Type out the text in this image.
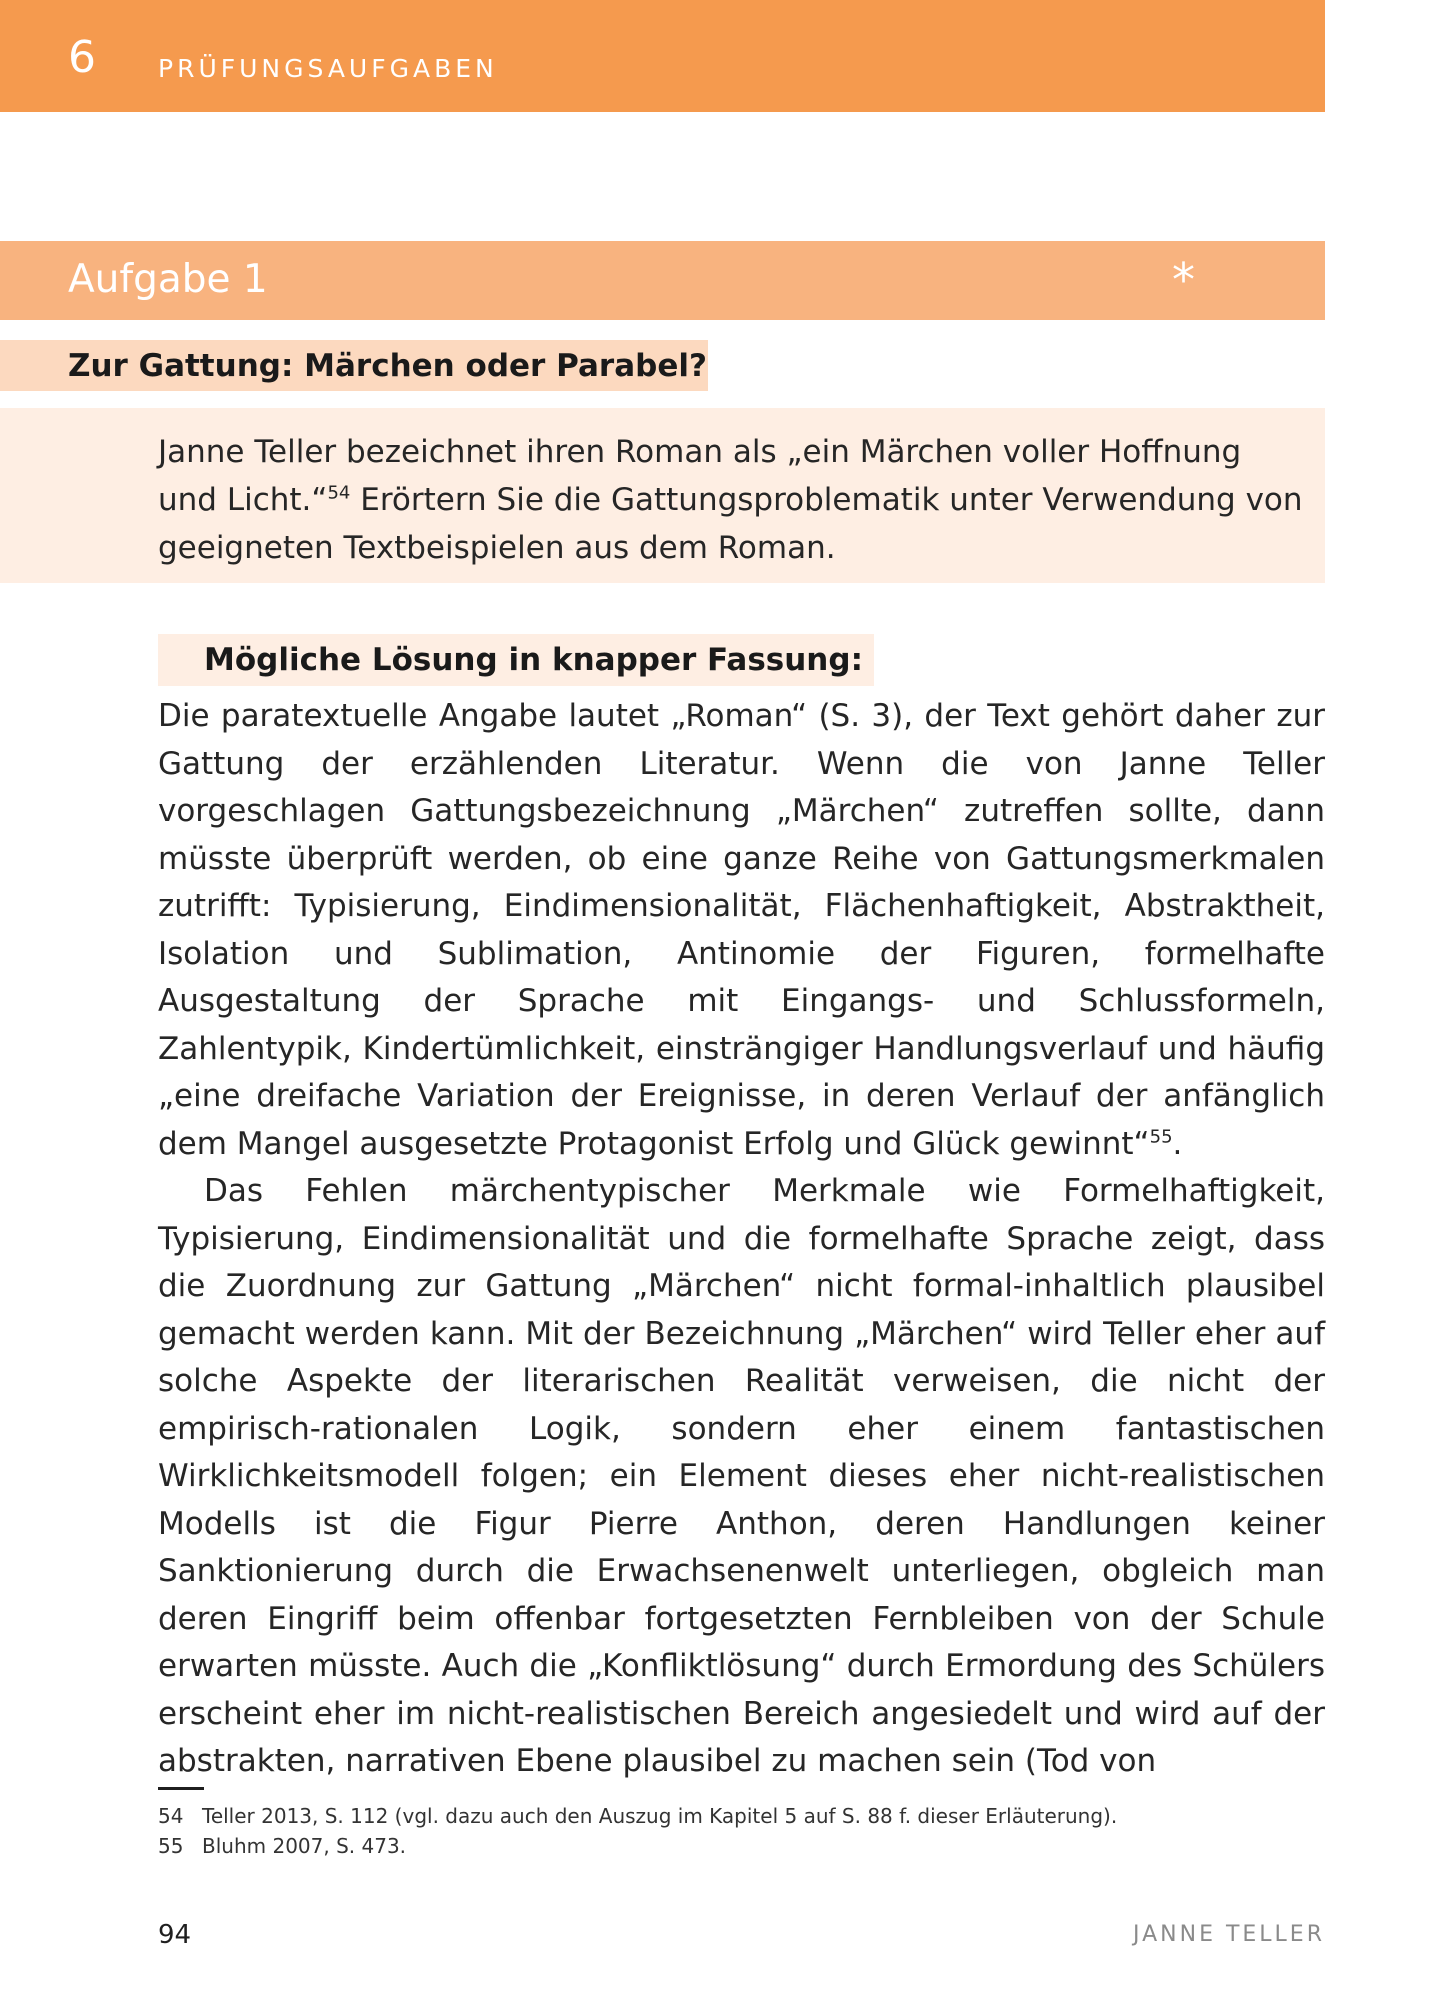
6 PRÜFUNGSAUFGABEN
Aufgabe 1	*
Zur Gattung: Märchen oder Parabel?
Janne Teller bezeichnet ihren Roman als „ein Märchen voller Hoffnung und Licht.“$^{54}$ Erörtern Sie die Gattungsproblematik unter Verwendung von geeigneten Textbeispielen aus dem Roman.
Mögliche Lösung in knapper Fassung:

Die paratextuelle Angabe lautet „Roman“ (S. 3), der Text gehört daher zur Gattung der erzählenden Literatur. Wenn die von Janne Teller vorgeschlagen Gattungsbezeichnung „Märchen“ zutreffen sollte, dann müsste überprüft werden, ob eine ganze Reihe von Gattungsmerkmalen zutrifft: Typisierung, Eindimensionalität, Flächenhaftigkeit, Abstraktheit, Isolation und Sublimation, Antinomie der Figuren, formelhafte Ausgestaltung der Sprache mit Eingangs- und Schlussformeln, Zahlentypik, Kindertümlichkeit, einsträngiger Handlungsverlauf und häufig „eine dreifache Variation der Ereignisse, in deren Verlauf der anfänglich dem Mangel ausgesetzte Protagonist Erfolg und Glück gewinnt“$^{55}$.

Das Fehlen märchentypischer Merkmale wie Formelhaftigkeit, Typisierung, Eindimensionalität und die formelhafte Sprache zeigt, dass die Zuordnung zur Gattung „Märchen“ nicht formal-inhaltlich plausibel gemacht werden kann. Mit der Bezeichnung „Märchen“ wird Teller eher auf solche Aspekte der literarischen Realität verweisen, die nicht der empirisch-rationalen Logik, sondern eher einem fantastischen Wirklichkeitsmodell folgen; ein Element dieses eher nicht-realistischen Modells ist die Figur Pierre Anthon, deren Handlungen keiner Sanktionierung durch die Erwachsenenwelt unterliegen, obgleich man deren Eingriff beim offenbar fortgesetzten Fernbleiben von der Schule erwarten müsste. Auch die „Konfliktlösung“ durch Ermordung des Schülers erscheint eher im nicht-realistischen Bereich angesiedelt und wird auf der abstrakten, narrativen Ebene plausibel zu machen sein (Tod von

54 Teller 2013, S. 112 (vgl. dazu auch den Auszug im Kapitel 5 auf S. 88 f. dieser Erläuterung).
55 Bluhm 2007, S. 473.
94	JANNE TELLER
